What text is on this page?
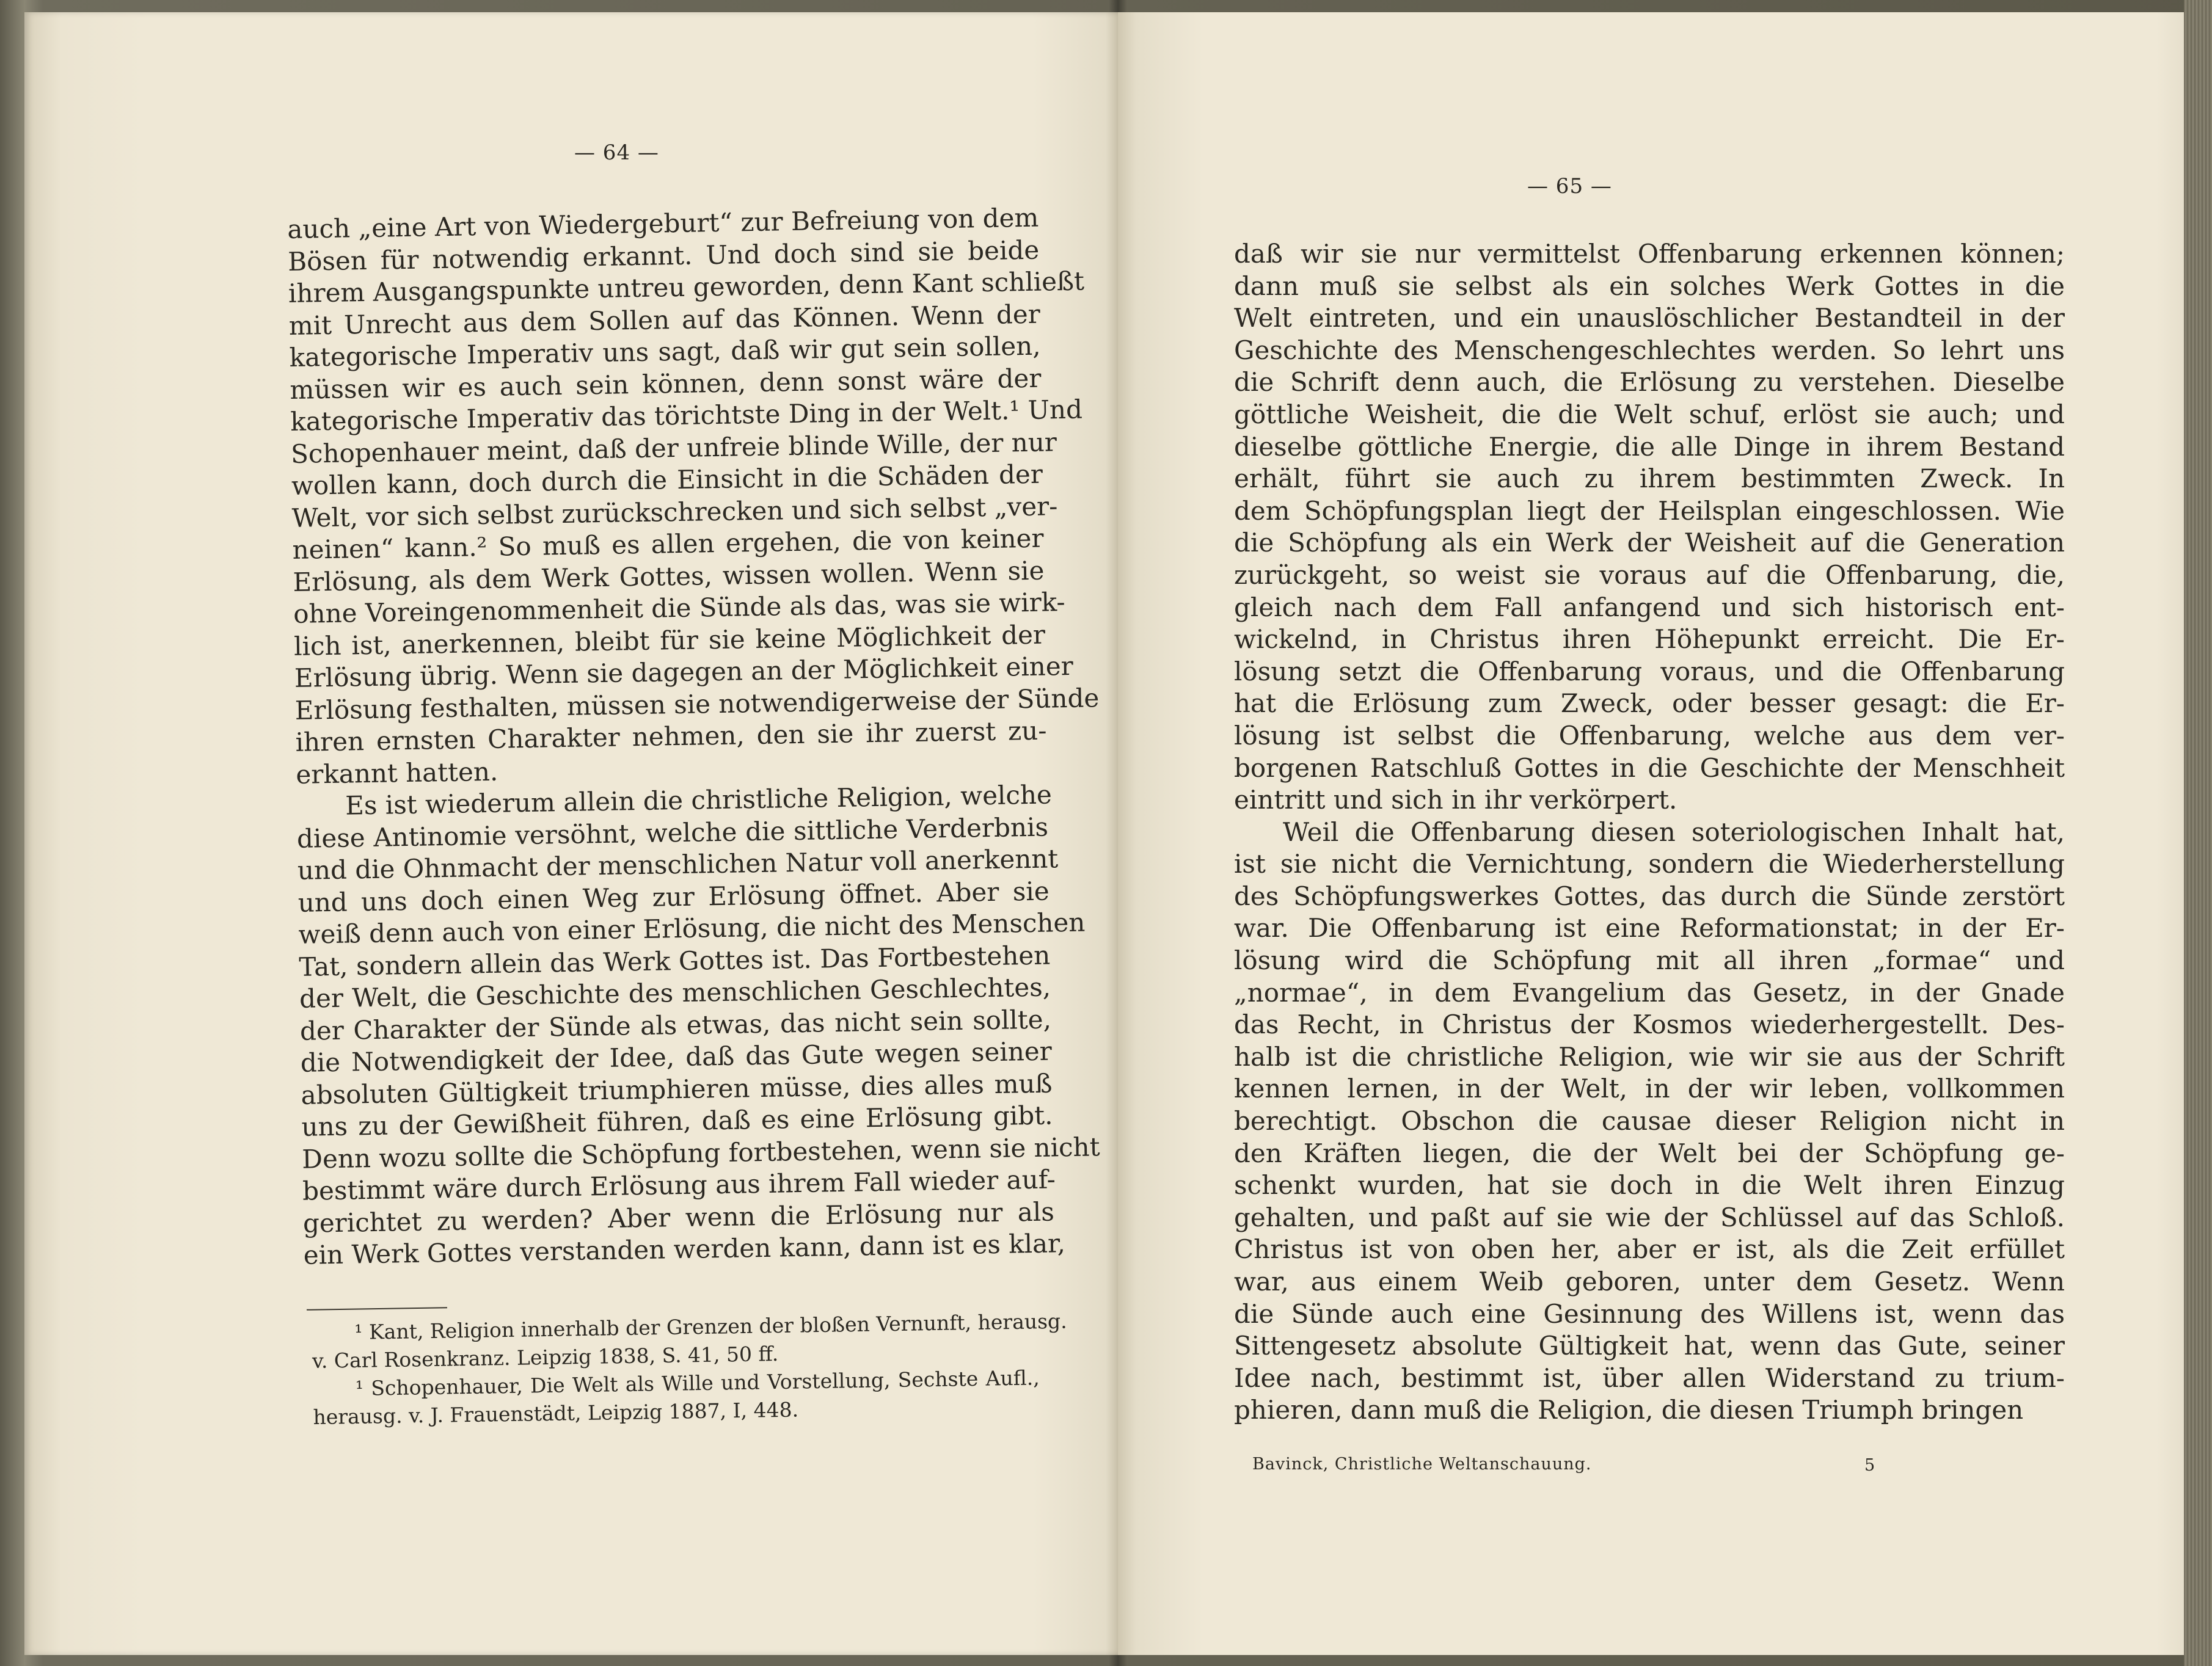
— 64 —
auch „eine Art von Wiedergeburt“ zur Befreiung von dem
Bösen für notwendig erkannt. Und doch sind sie beide
ihrem Ausgangspunkte untreu geworden, denn Kant schließt
mit Unrecht aus dem Sollen auf das Können. Wenn der
kategorische Imperativ uns sagt, daß wir gut sein sollen,
müssen wir es auch sein können, denn sonst wäre der
kategorische Imperativ das törichtste Ding in der Welt.¹ Und
Schopenhauer meint, daß der unfreie blinde Wille, der nur
wollen kann, doch durch die Einsicht in die Schäden der
Welt, vor sich selbst zurückschrecken und sich selbst „ver-
neinen“ kann.² So muß es allen ergehen, die von keiner
Erlösung, als dem Werk Gottes, wissen wollen. Wenn sie
ohne Voreingenommenheit die Sünde als das, was sie wirk-
lich ist, anerkennen, bleibt für sie keine Möglichkeit der
Erlösung übrig. Wenn sie dagegen an der Möglichkeit einer
Erlösung festhalten, müssen sie notwendigerweise der Sünde
ihren ernsten Charakter nehmen, den sie ihr zuerst zu-
erkannt hatten.
Es ist wiederum allein die christliche Religion, welche
diese Antinomie versöhnt, welche die sittliche Verderbnis
und die Ohnmacht der menschlichen Natur voll anerkennt
und uns doch einen Weg zur Erlösung öffnet. Aber sie
weiß denn auch von einer Erlösung, die nicht des Menschen
Tat, sondern allein das Werk Gottes ist. Das Fortbestehen
der Welt, die Geschichte des menschlichen Geschlechtes,
der Charakter der Sünde als etwas, das nicht sein sollte,
die Notwendigkeit der Idee, daß das Gute wegen seiner
absoluten Gültigkeit triumphieren müsse, dies alles muß
uns zu der Gewißheit führen, daß es eine Erlösung gibt.
Denn wozu sollte die Schöpfung fortbestehen, wenn sie nicht
bestimmt wäre durch Erlösung aus ihrem Fall wieder auf-
gerichtet zu werden? Aber wenn die Erlösung nur als
ein Werk Gottes verstanden werden kann, dann ist es klar,
¹ Kant, Religion innerhalb der Grenzen der bloßen Vernunft, herausg.
v. Carl Rosenkranz. Leipzig 1838, S. 41, 50 ff.
¹ Schopenhauer, Die Welt als Wille und Vorstellung, Sechste Aufl.,
herausg. v. J. Frauenstädt, Leipzig 1887, I, 448.
— 65 —
daß wir sie nur vermittelst Offenbarung erkennen können;
dann muß sie selbst als ein solches Werk Gottes in die
Welt eintreten, und ein unauslöschlicher Bestandteil in der
Geschichte des Menschengeschlechtes werden. So lehrt uns
die Schrift denn auch, die Erlösung zu verstehen. Dieselbe
göttliche Weisheit, die die Welt schuf, erlöst sie auch; und
dieselbe göttliche Energie, die alle Dinge in ihrem Bestand
erhält, führt sie auch zu ihrem bestimmten Zweck. In
dem Schöpfungsplan liegt der Heilsplan eingeschlossen. Wie
die Schöpfung als ein Werk der Weisheit auf die Generation
zurückgeht, so weist sie voraus auf die Offenbarung, die,
gleich nach dem Fall anfangend und sich historisch ent-
wickelnd, in Christus ihren Höhepunkt erreicht. Die Er-
lösung setzt die Offenbarung voraus, und die Offenbarung
hat die Erlösung zum Zweck, oder besser gesagt: die Er-
lösung ist selbst die Offenbarung, welche aus dem ver-
borgenen Ratschluß Gottes in die Geschichte der Menschheit
eintritt und sich in ihr verkörpert.
Weil die Offenbarung diesen soteriologischen Inhalt hat,
ist sie nicht die Vernichtung, sondern die Wiederherstellung
des Schöpfungswerkes Gottes, das durch die Sünde zerstört
war. Die Offenbarung ist eine Reformationstat; in der Er-
lösung wird die Schöpfung mit all ihren „formae“ und
„normae“, in dem Evangelium das Gesetz, in der Gnade
das Recht, in Christus der Kosmos wiederhergestellt. Des-
halb ist die christliche Religion, wie wir sie aus der Schrift
kennen lernen, in der Welt, in der wir leben, vollkommen
berechtigt. Obschon die causae dieser Religion nicht in
den Kräften liegen, die der Welt bei der Schöpfung ge-
schenkt wurden, hat sie doch in die Welt ihren Einzug
gehalten, und paßt auf sie wie der Schlüssel auf das Schloß.
Christus ist von oben her, aber er ist, als die Zeit erfüllet
war, aus einem Weib geboren, unter dem Gesetz. Wenn
die Sünde auch eine Gesinnung des Willens ist, wenn das
Sittengesetz absolute Gültigkeit hat, wenn das Gute, seiner
Idee nach, bestimmt ist, über allen Widerstand zu trium-
phieren, dann muß die Religion, die diesen Triumph bringen
Bavinck, Christliche Weltanschauung.	5
